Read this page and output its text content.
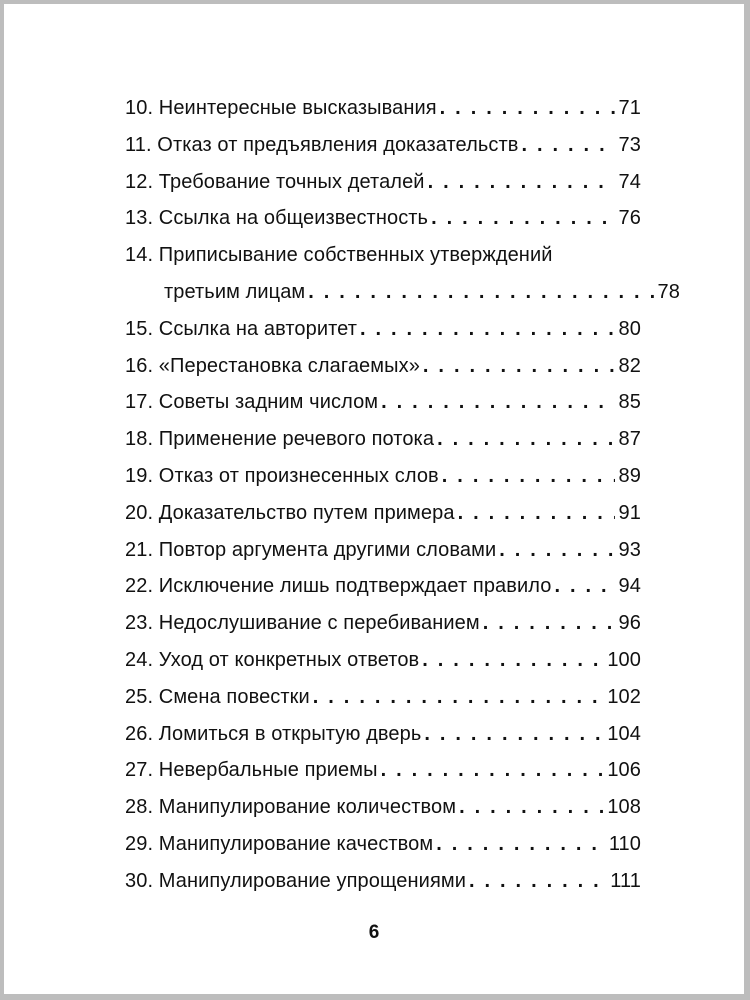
10. Неинтересные высказывания . . .	71
11. Отказ от предъявления доказательств . . .	73
12. Требование точных деталей . . .	74
13. Ссылка на общеизвестность . . .	76
14. Приписывание собственных утверждений
третьим лицам . . .	78
15. Ссылка на авторитет . . .	80
16. «Перестановка слагаемых» . . .	82
17. Советы задним числом . . .	85
18. Применение речевого потока . . .	87
19. Отказ от произнесенных слов . . .	89
20. Доказательство путем примера . . .	91
21. Повтор аргумента другими словами . . .	93
22. Исключение лишь подтверждает правило . . .	94
23. Недослушивание с перебиванием . . .	96
24. Уход от конкретных ответов . . .	100
25. Смена повестки . . .	102
26. Ломиться в открытую дверь . . .	104
27. Невербальные приемы . . .	106
28. Манипулирование количеством . . .	108
29. Манипулирование качеством . . .	110
30. Манипулирование упрощениями . . .	111
6
